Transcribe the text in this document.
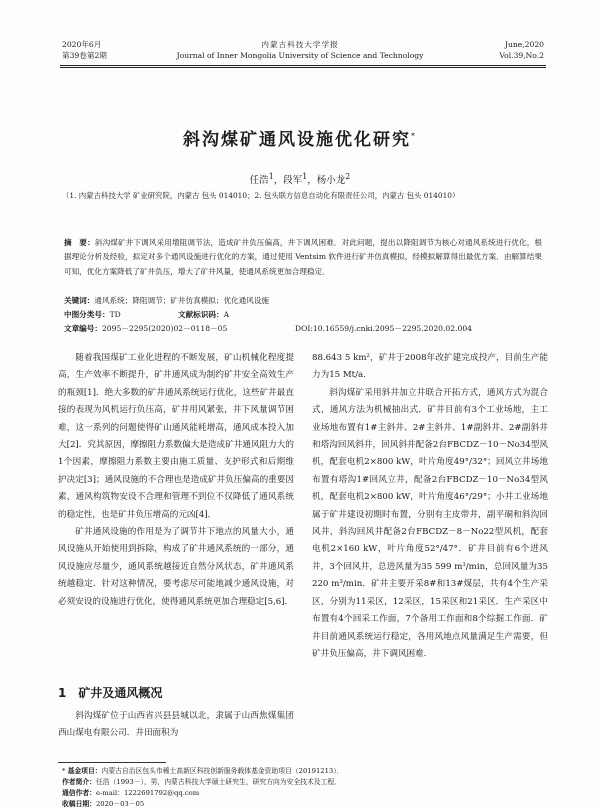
2020年6月
第39卷第2期
内蒙古科技大学学报
Journal of Inner Mongolia University of Science and Technology
June,2020
Vol.39,No.2
斜沟煤矿通风设施优化研究*
任浩$^1$，段军$^1$，杨小龙$^2$
（1. 内蒙古科技大学 矿业研究院，内蒙古 包头 014010；2. 包头联方信息自动化有限责任公司，内蒙古 包头 014010）
摘　要：斜沟煤矿井下调风采用增阻调节法，造成矿井负压偏高，井下调风困难．对此问题，提出以降阻调节为核心对通风系统进行优化，根据理论分析及经验，拟定对多个通风设施进行优化的方案，通过使用 Ventsim 软件进行矿井仿真模拟，经模拟解算得出最优方案．由解算结果可知，优化方案降低了矿井负压，增大了矿井风量，使通风系统更加合理稳定．
关键词：通风系统；降阻调节；矿井仿真模拟；优化通风设施
中图分类号：TD	文献标识码：A
文章编号：2095－2295(2020)02－0118－05	DOI:10.16559/j.cnki.2095－2295.2020.02.004

随着我国煤矿工业化进程的不断发展，矿山机械化程度提高，生产效率不断提升，矿井通风成为制约矿井安全高效生产的瓶颈[1]．绝大多数的矿井通风系统运行优化，这些矿井最直接的表现为风机运行负压高，矿井用风紧张，井下风量调节困难，这一系列的问题使得矿山通风能耗增高，通风成本投入加大[2]．究其原因，摩擦阻力系数偏大是造成矿井通风阻力大的1个因素，摩擦阻力系数主要由施工质量、支护形式和后期维护决定[3]；通风设施的不合理也是造成矿井负压偏高的重要因素，通风构筑物安设不合理和管理不到位不仅降低了通风系统的稳定性，也是矿井负压增高的元凶[4]．

矿井通风设施的作用是为了调节井下地点的风量大小，通风设施从开始使用到拆除，构成了矿井通风系统的一部分，通风设施应尽量少，通风系统越接近自然分风状态，矿井通风系统越稳定．针对这种情况，要考虑尽可能地减少通风设施，对必须安设的设施进行优化，使得通风系统更加合理稳定[5,6]．

1　矿井及通风概况

斜沟煤矿位于山西省兴县县城以北，隶属于山西焦煤集团西山煤电有限公司．井田面积为

88.643 5 km²，矿井于2008年改扩建完成投产，目前生产能力为15 Mt/a.

斜沟煤矿采用斜井加立井联合开拓方式，通风方式为混合式，通风方法为机械抽出式．矿井目前有3个工业场地，主工业场地布置有1#主斜井、2#主斜井、1#副斜井、2#副斜井和塔沟回风斜井，回风斜井配备2台FBCDZ－10－No34型风机，配套电机2×800 kW，叶片角度49°/32°；回风立井场地布置有塔沟1#回风立井，配备2台FBCDZ－10－No34型风机，配套电机2×800 kW，叶片角度46°/29°；小井工业场地属于矿井建设初期时布置，分别有主皮带井，副平硐和斜沟回风井，斜沟回风井配备2台FBCDZ－8－No22型风机，配套电机2×160 kW，叶片角度52°/47°．矿井目前有6个进风井，3个回风井，总进风量为35 599 m³/min，总回风量为35 220 m³/min．矿井主要开采8#和13#煤层，共有4个生产采区，分别为11采区，12采区，15采区和21采区．生产采区中布置有4个回采工作面，7个备用工作面和8个综掘工作面．矿井目前通风系统运行稳定，各用风地点风量满足生产需要，但矿井负压偏高，井下调风困难．

* 基金项目：内蒙古自治区包头市稀土高新区科技创新服务载体基金资助项目（20191213）．
作者简介：任浩（1993－），男，内蒙古科技大学硕士研究生，研究方向为安全技术及工程．
通信作者：e-mail：1222691792@qq.com
收稿日期：2020－03－05
